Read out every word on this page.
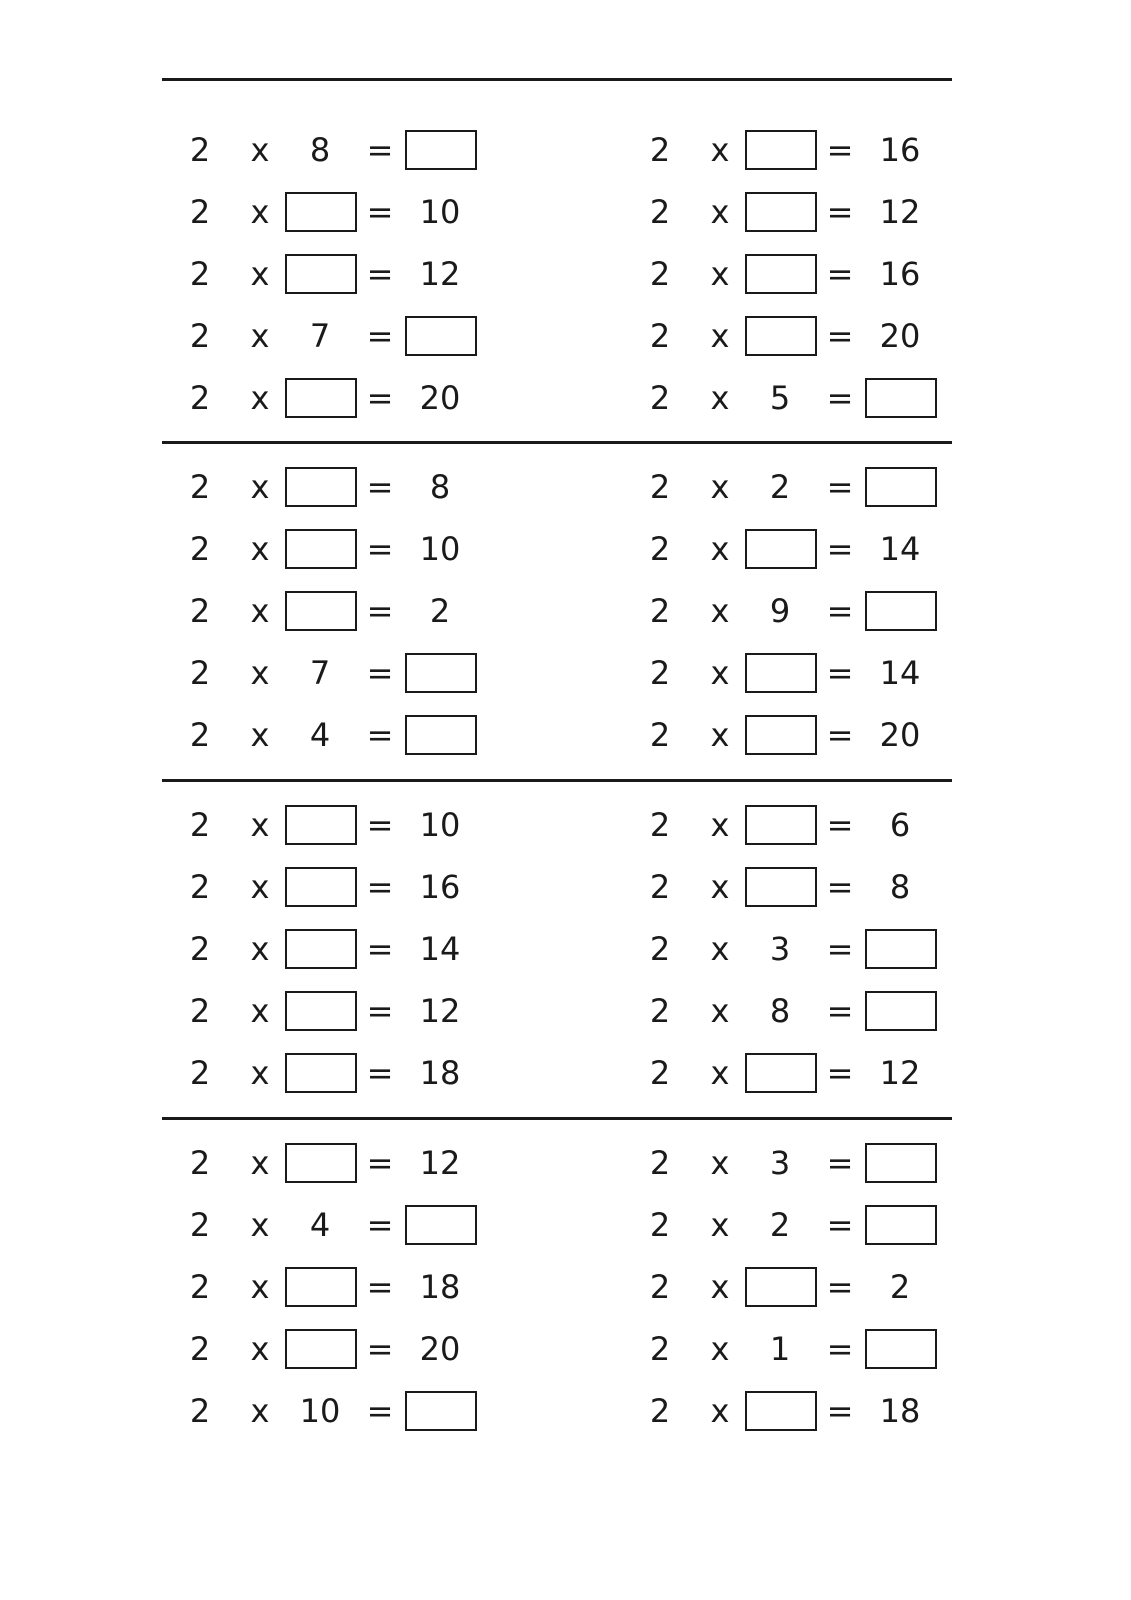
2	x	8	=
2	x	= 10
2	x	= 12
2	x	7	=
2	x	= 20
2	x	= 16
2	x	= 12
2	x	= 16
2	x	= 20
2	x	5	=
2	x	=	8
2	x	= 10
2	x	=	2
2	x	7	=
2	x	4	=
2	x	2	=
2	x	= 14
2	x	9	=
2	x	= 14
2	x	= 20
2	x	= 10
2	x	= 16
2	x	= 14
2	x	= 12
2	x	= 18
2	x	=	6
2	x	=	8
2	x	3	=
2	x	8	=
2	x	= 12
2	x	= 12
2	x	4	=
2	x	= 18
2	x	= 20
2	x 10 =
2	x	3	=
2	x	2	=
2	x	=	2
2	x	1	=
2	x	= 18
